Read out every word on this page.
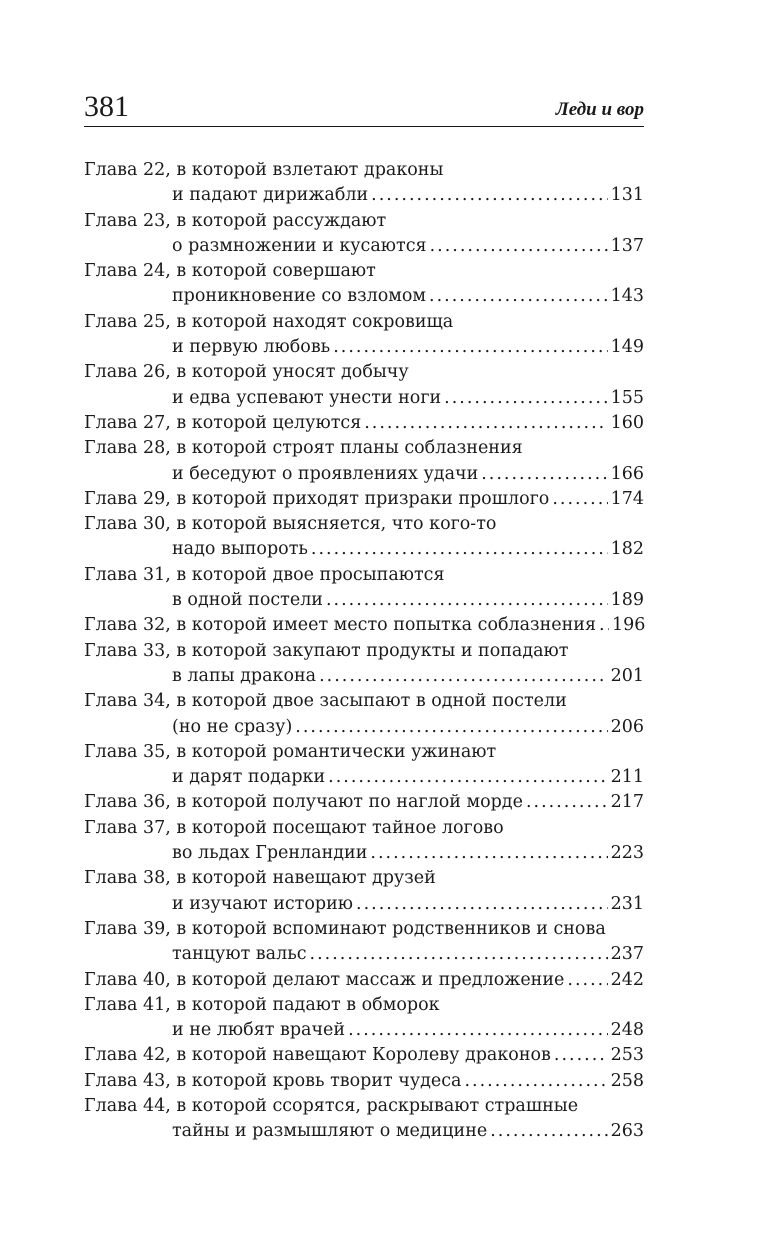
381	Леди и вор
Глава 22, в которой взлетают драконы
и падают дирижабли .....	131
Глава 23, в которой рассуждают
о размножении и кусаются .....	137
Глава 24, в которой совершают
проникновение со взломом .....	143
Глава 25, в которой находят сокровища
и первую любовь .....	149
Глава 26, в которой уносят добычу
и едва успевают унести ноги .....	155
Глава 27, в которой целуются .....	160
Глава 28, в которой строят планы соблазнения
и беседуют о проявлениях удачи .....	166
Глава 29, в которой приходят призраки прошлого .....	174
Глава 30, в которой выясняется, что кого-то
надо выпороть .....	182
Глава 31, в которой двое просыпаются
в одной постели .....	189
Глава 32, в которой имеет место попытка соблазнения ..... 196
Глава 33, в которой закупают продукты и попадают
в лапы дракона .....	201
Глава 34, в которой двое засыпают в одной постели
(но не сразу) .....	206
Глава 35, в которой романтически ужинают
и дарят подарки .....	211
Глава 36, в которой получают по наглой морде .....	217
Глава 37, в которой посещают тайное логово
во льдах Гренландии .....	223
Глава 38, в которой навещают друзей
и изучают историю .....	231
Глава 39, в которой вспоминают родственников и снова
танцуют вальс .....	237
Глава 40, в которой делают массаж и предложение .....	242
Глава 41, в которой падают в обморок
и не любят врачей .....	248
Глава 42, в которой навещают Королеву драконов .....	253
Глава 43, в которой кровь творит чудеса .....	258
Глава 44, в которой ссорятся, раскрывают страшные
тайны и размышляют о медицине .....	263
